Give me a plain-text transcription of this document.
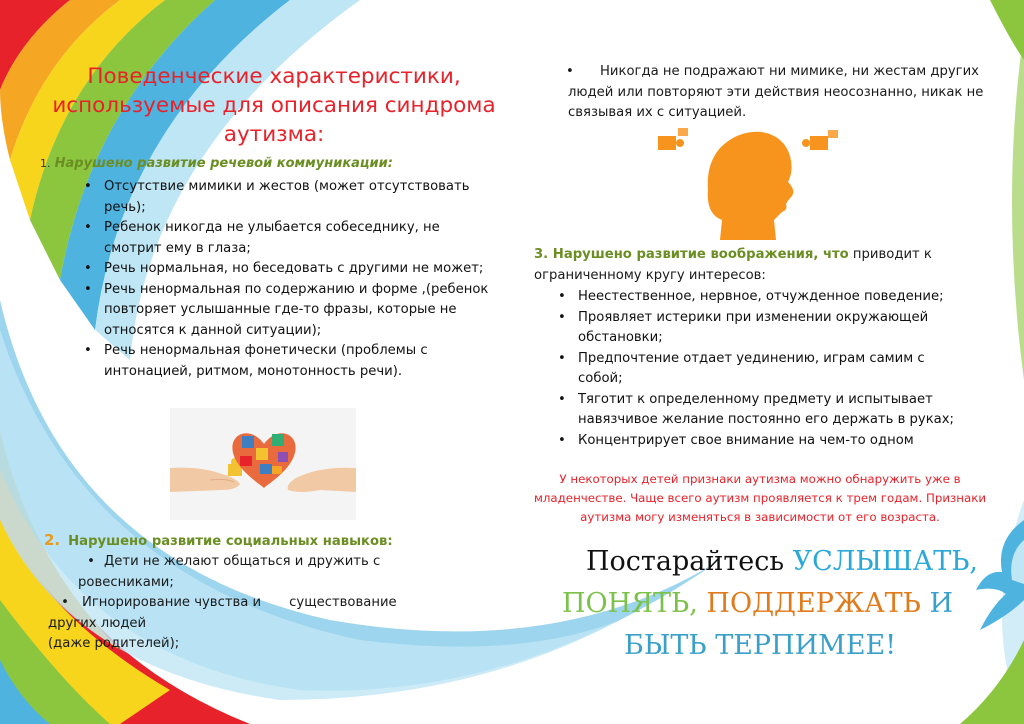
Поведенческие характеристики, используемые для описания синдрома аутизма:
1. Нарушено развитие речевой коммуникации:
• Отсутствие мимики и жестов (может отсутствовать речь);
• Ребенок никогда не улыбается собеседнику, не смотрит ему в глаза;
• Речь нормальная, но беседовать с другими не может;
• Речь ненормальная по содержанию и форме ,(ребенок повторяет услышанные где-то фразы, которые не относятся к данной ситуации);
• Речь ненормальная фонетически (проблемы с интонацией, ритмом, монотонность речи).
2. Нарушено развитие социальных навыков:
• Дети не желают общаться и дружить с ровесниками;
• Игнорирование чувства и существование
других людей
(даже родителей);
•	Никогда не подражают ни мимике, ни жестам других людей или повторяют эти действия неосознанно, никак не связывая их с ситуацией.
3. Нарушено развитие воображения, что приводит к ограниченному кругу интересов:
• Неестественное, нервное, отчужденное поведение;
• Проявляет истерики при изменении окружающей обстановки;
• Предпочтение отдает уединению, играм самим с собой;
• Тяготит к определенному предмету и испытывает навязчивое желание постоянно его держать в руках;
• Концентрирует свое внимание на чем-то одном
У некоторых детей признаки аутизма можно обнаружить уже в младенчестве. Чаще всего аутизм проявляется к трем годам. Признаки аутизма могу изменяться в зависимости от его возраста.
Постарайтесь УСЛЫШАТЬ,
ПОНЯТЬ, ПОДДЕРЖАТЬ И
БЫТЬ ТЕРПИМЕЕ!
